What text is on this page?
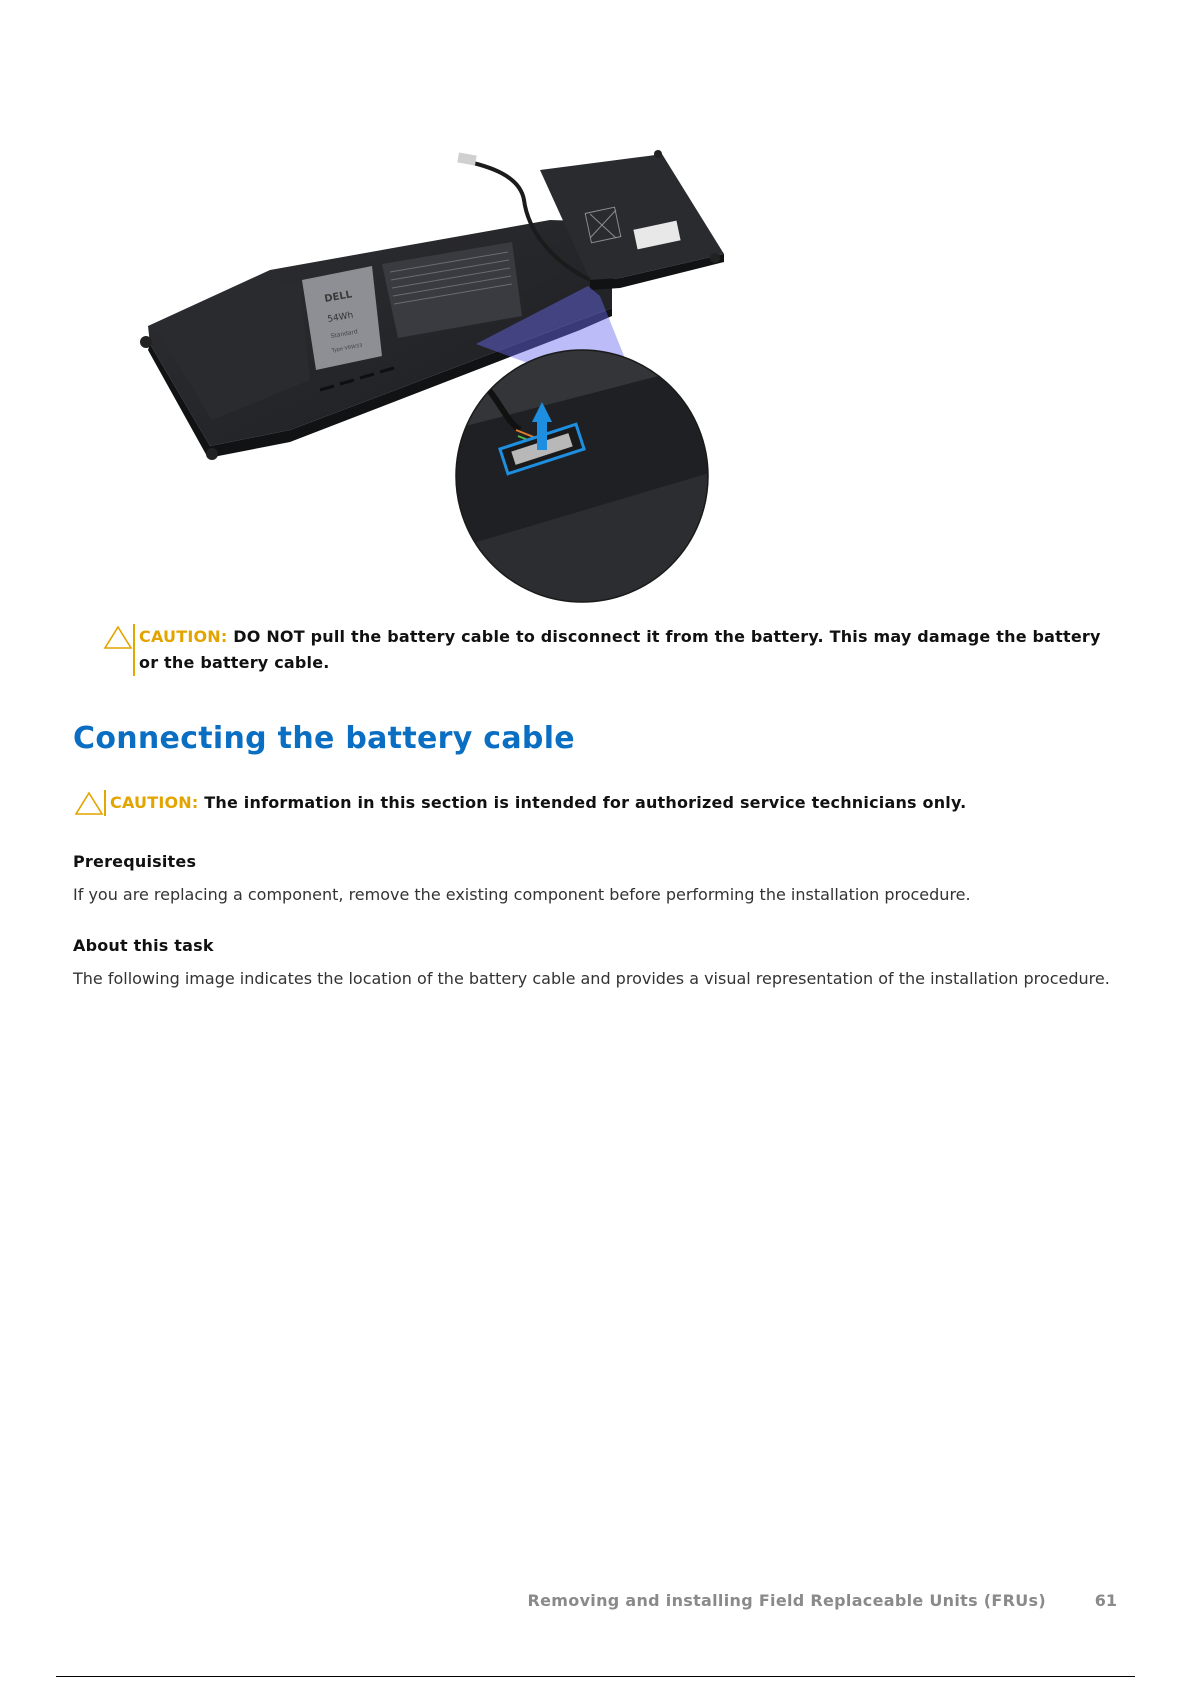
DELL
54Wh
Standard
Type V6W33
CAUTION: DO NOT pull the battery cable to disconnect it from the battery. This may damage the battery or the battery cable.
Connecting the battery cable
CAUTION: The information in this section is intended for authorized service technicians only.
Prerequisites

If you are replacing a component, remove the existing component before performing the installation procedure.

About this task

The following image indicates the location of the battery cable and provides a visual representation of the installation procedure.

Removing and installing Field Replaceable Units (FRUs)	61
